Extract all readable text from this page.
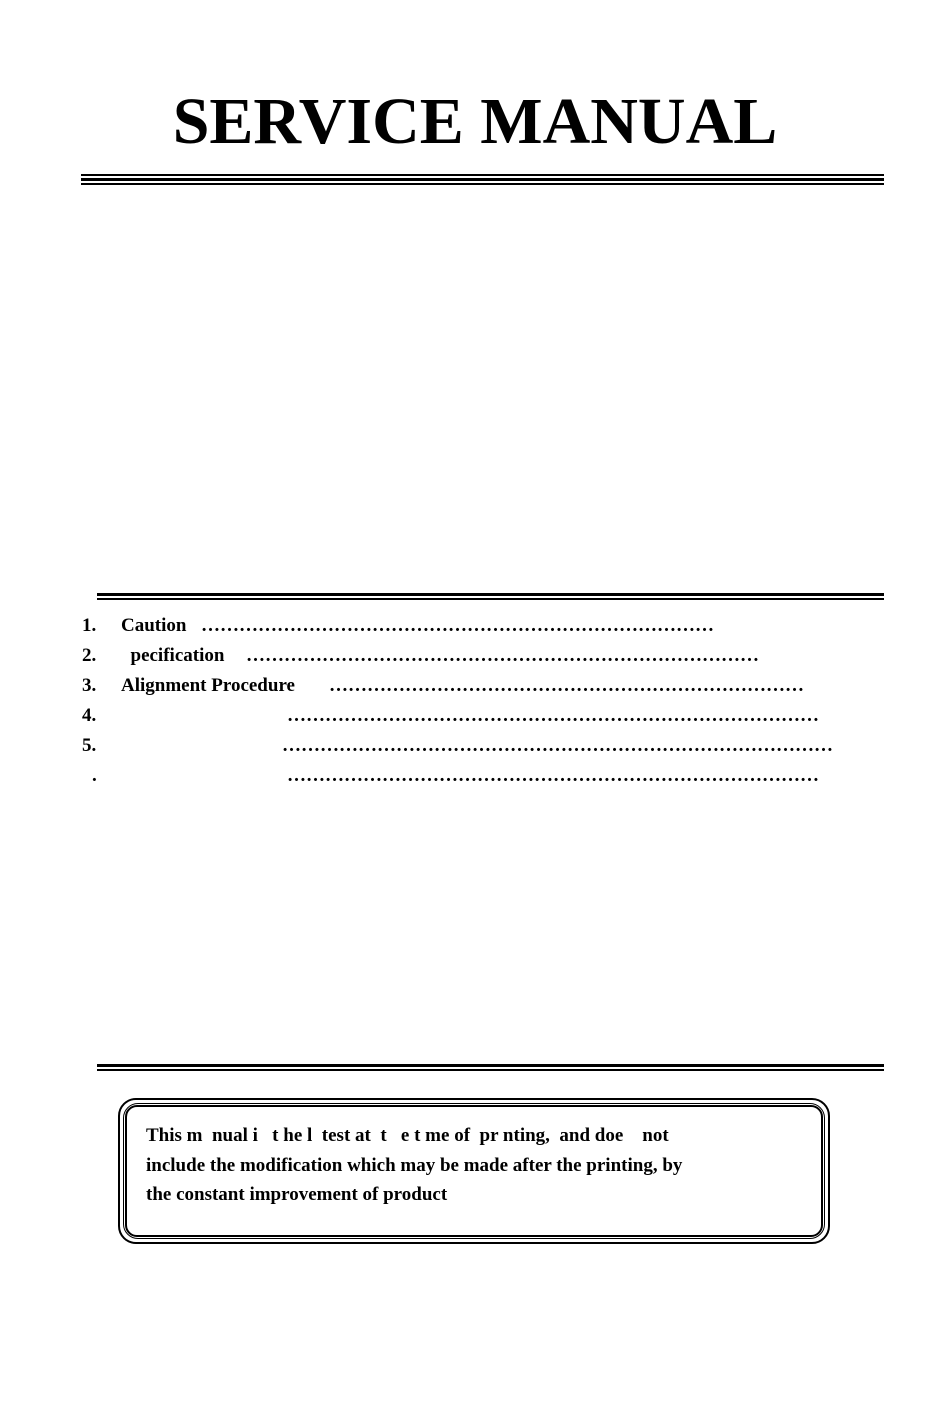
SERVICE MANUAL
1. Caution ………………………………………………………………………
2. pecification ………………………………………………………………………
3. Alignment Procedure …………………………………………………………………
4.	…………………………………………………………………………
5.	……………………………………………………………………………
.	…………………………………………………………………………
This m  nual i   t he l  test at  t   e t me of  pr nting,  and doe    not
include the modification which may be made after the printing, by
the constant improvement of product
